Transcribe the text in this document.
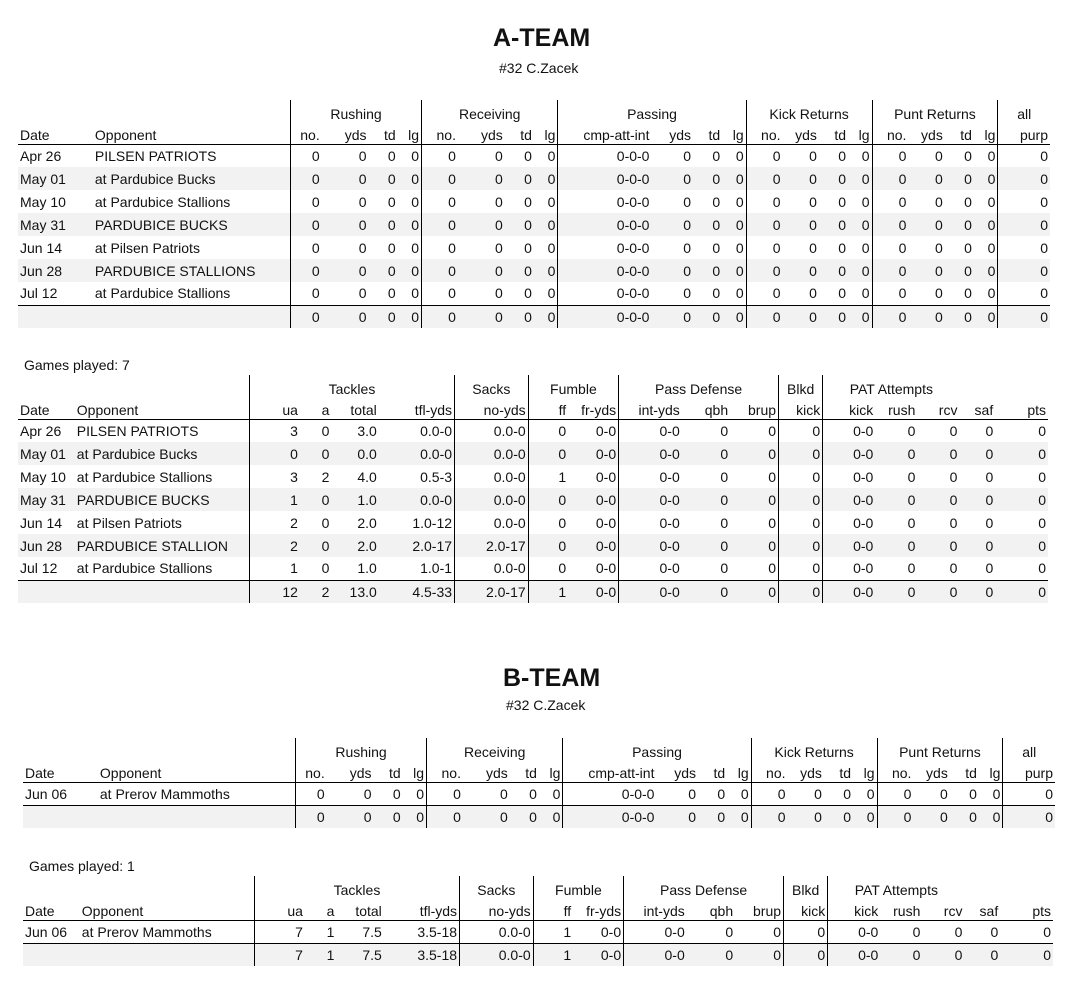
A-TEAM
#32 C.Zacek
		Rushing				Receiving				Passing				Kick Returns				Punt Returns				all
Date	Opponent	no.	yds	td	lg	no.	yds	td	lg	cmp-att-int	yds	td	lg	no.	yds	td	lg	no.	yds	td	lg	purp
Apr 26	PILSEN PATRIOTS	0	0	0	0	0	0	0	0	0-0-0	0	0	0	0	0	0	0	0	0	0	0	0
May 01	at Pardubice Bucks	0	0	0	0	0	0	0	0	0-0-0	0	0	0	0	0	0	0	0	0	0	0	0
May 10	at Pardubice Stallions	0	0	0	0	0	0	0	0	0-0-0	0	0	0	0	0	0	0	0	0	0	0	0
May 31	PARDUBICE BUCKS	0	0	0	0	0	0	0	0	0-0-0	0	0	0	0	0	0	0	0	0	0	0	0
Jun 14	at Pilsen Patriots	0	0	0	0	0	0	0	0	0-0-0	0	0	0	0	0	0	0	0	0	0	0	0
Jun 28	PARDUBICE STALLIONS	0	0	0	0	0	0	0	0	0-0-0	0	0	0	0	0	0	0	0	0	0	0	0
Jul 12	at Pardubice Stallions	0	0	0	0	0	0	0	0	0-0-0	0	0	0	0	0	0	0	0	0	0	0	0
		0	0	0	0	0	0	0	0	0-0-0	0	0	0	0	0	0	0	0	0	0	0	0
Games played: 7
		Tackles				Sacks	Fumble		Pass Defense			Blkd	PAT Attempts				
Date	Opponent	ua	a	total	tfl-yds	no-yds	ff	fr-yds	int-yds	qbh	brup	kick	kick	rush	rcv	saf	pts
Apr 26	PILSEN PATRIOTS	3	0	3.0	0.0-0	0.0-0	0	0-0	0-0	0	0	0	0-0	0	0	0	0
May 01	at Pardubice Bucks	0	0	0.0	0.0-0	0.0-0	0	0-0	0-0	0	0	0	0-0	0	0	0	0
May 10	at Pardubice Stallions	3	2	4.0	0.5-3	0.0-0	1	0-0	0-0	0	0	0	0-0	0	0	0	0
May 31	PARDUBICE BUCKS	1	0	1.0	0.0-0	0.0-0	0	0-0	0-0	0	0	0	0-0	0	0	0	0
Jun 14	at Pilsen Patriots	2	0	2.0	1.0-12	0.0-0	0	0-0	0-0	0	0	0	0-0	0	0	0	0
Jun 28	PARDUBICE STALLION	2	0	2.0	2.0-17	2.0-17	0	0-0	0-0	0	0	0	0-0	0	0	0	0
Jul 12	at Pardubice Stallions	1	0	1.0	1.0-1	0.0-0	0	0-0	0-0	0	0	0	0-0	0	0	0	0
		12	2	13.0	4.5-33	2.0-17	1	0-0	0-0	0	0	0	0-0	0	0	0	0
B-TEAM
#32 C.Zacek
		Rushing				Receiving				Passing				Kick Returns				Punt Returns				all
Date	Opponent	no.	yds	td	lg	no.	yds	td	lg	cmp-att-int	yds	td	lg	no.	yds	td	lg	no.	yds	td	lg	purp
Jun 06	at Prerov Mammoths	0	0	0	0	0	0	0	0	0-0-0	0	0	0	0	0	0	0	0	0	0	0	0
		0	0	0	0	0	0	0	0	0-0-0	0	0	0	0	0	0	0	0	0	0	0	0
Games played: 1
		Tackles				Sacks	Fumble		Pass Defense			Blkd	PAT Attempts				
Date	Opponent	ua	a	total	tfl-yds	no-yds	ff	fr-yds	int-yds	qbh	brup	kick	kick	rush	rcv	saf	pts
Jun 06	at Prerov Mammoths	7	1	7.5	3.5-18	0.0-0	1	0-0	0-0	0	0	0	0-0	0	0	0	0
		7	1	7.5	3.5-18	0.0-0	1	0-0	0-0	0	0	0	0-0	0	0	0	0
